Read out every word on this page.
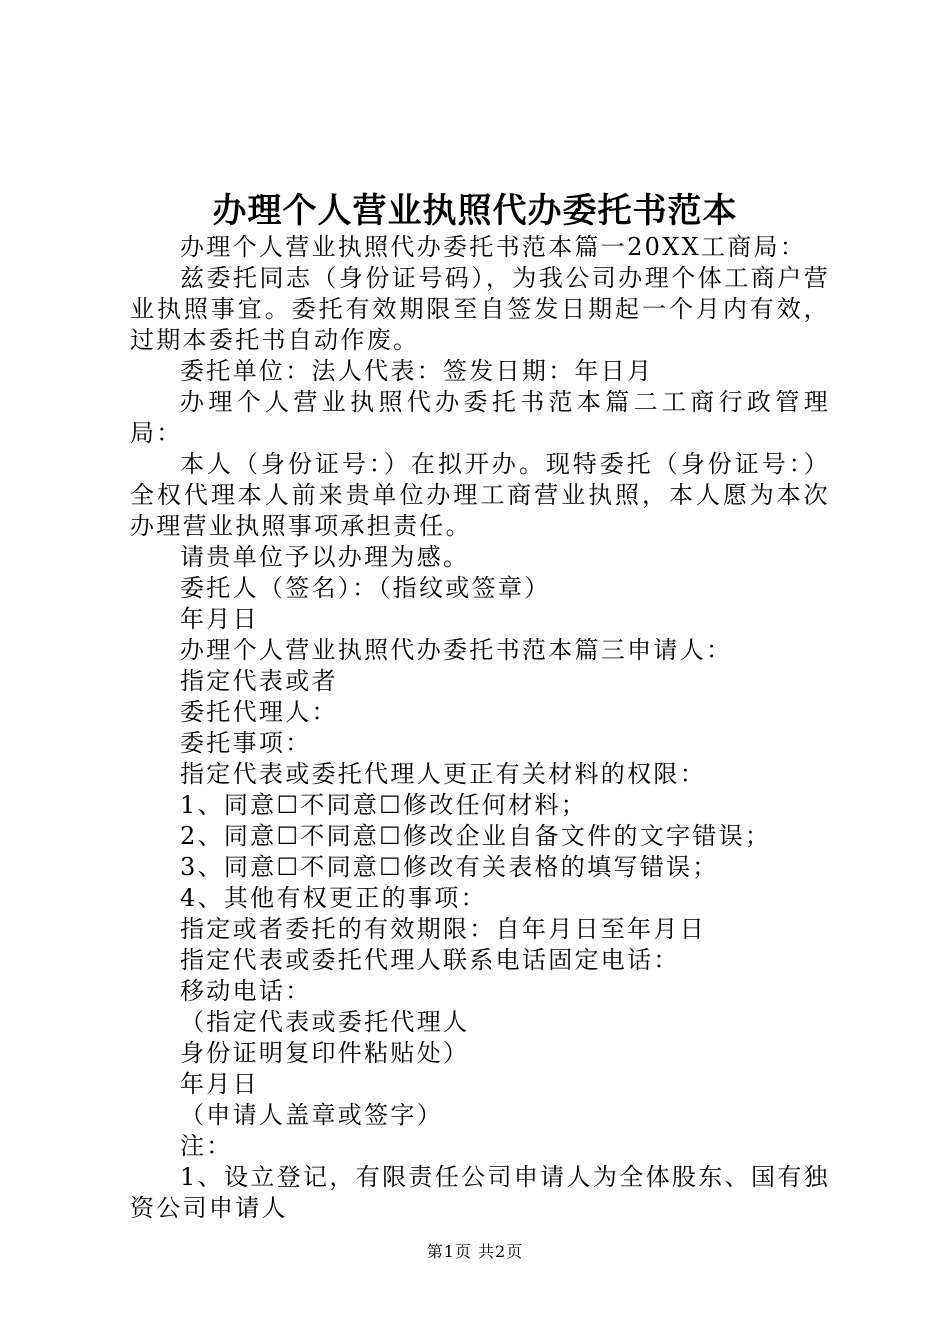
办理个人营业执照代办委托书范本

办理个人营业执照代办委托书范本篇一20XX工商局：

兹委托同志（身份证号码），为我公司办理个体工商户营业执照事宜。委托有效期限至自签发日期起一个月内有效，过期本委托书自动作废。

委托单位：法人代表：签发日期：年日月

办理个人营业执照代办委托书范本篇二工商行政管理局：

本人（身份证号：）在拟开办。现特委托（身份证号：）全权代理本人前来贵单位办理工商营业执照，本人愿为本次办理营业执照事项承担责任。

请贵单位予以办理为感。

委托人（签名）：（指纹或签章）

年月日

办理个人营业执照代办委托书范本篇三申请人：

指定代表或者

委托代理人：

委托事项：

指定代表或委托代理人更正有关材料的权限：

1、同意☐不同意☐修改任何材料；

2、同意☐不同意☐修改企业自备文件的文字错误；

3、同意☐不同意☐修改有关表格的填写错误；

4、其他有权更正的事项：

指定或者委托的有效期限：自年月日至年月日

指定代表或委托代理人联系电话固定电话：

移动电话：

（指定代表或委托代理人

身份证明复印件粘贴处）

年月日

（申请人盖章或签字）

注：

1、设立登记，有限责任公司申请人为全体股东、国有独资公司申请人

第1页 共2页
